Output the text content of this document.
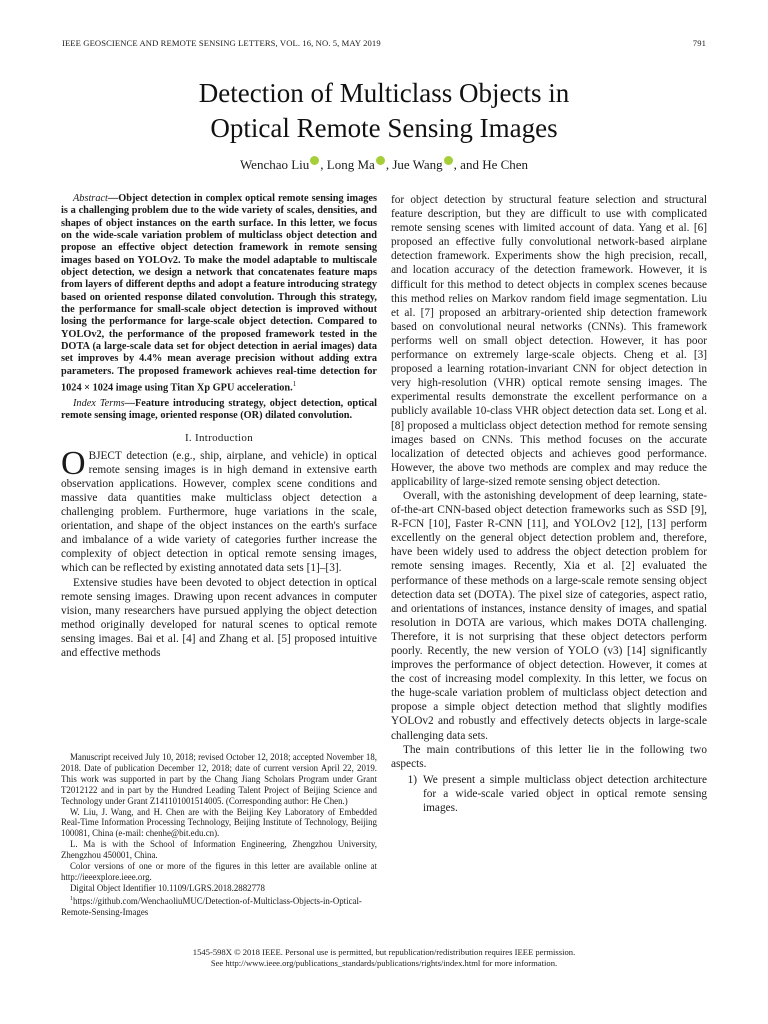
IEEE GEOSCIENCE AND REMOTE SENSING LETTERS, VOL. 16, NO. 5, MAY 2019	791
Detection of Multiclass Objects in
Optical Remote Sensing Images
Wenchao Liu , Long Ma , Jue Wang , and He Chen

Abstract—Object detection in complex optical remote sensing images is a challenging problem due to the wide variety of scales, densities, and shapes of object instances on the earth surface. In this letter, we focus on the wide-scale variation problem of multiclass object detection and propose an effective object detection framework in remote sensing images based on YOLOv2. To make the model adaptable to multiscale object detection, we design a network that concatenates feature maps from layers of different depths and adopt a feature introducing strategy based on oriented response dilated convolution. Through this strategy, the performance for small-scale object detection is improved without losing the performance for large-scale object detection. Compared to YOLOv2, the performance of the proposed framework tested in the DOTA (a large-scale data set for object detection in aerial images) data set improves by 4.4% mean average precision without adding extra parameters. The proposed framework achieves real-time detection for 1024 × 1024 image using Titan Xp GPU acceleration.$^1$

Index Terms—Feature introducing strategy, object detection, optical remote sensing image, oriented response (OR) dilated convolution.

I. Introduction

OBJECT detection (e.g., ship, airplane, and vehicle) in optical remote sensing images is in high demand in extensive earth observation applications. However, complex scene conditions and massive data quantities make multiclass object detection a challenging problem. Furthermore, huge variations in the scale, orientation, and shape of the object instances on the earth's surface and imbalance of a wide variety of categories further increase the complexity of object detection in optical remote sensing images, which can be reflected by existing annotated data sets [1]–[3].

Extensive studies have been devoted to object detection in optical remote sensing images. Drawing upon recent advances in computer vision, many researchers have pursued applying the object detection method originally developed for natural scenes to optical remote sensing images. Bai et al. [4] and Zhang et al. [5] proposed intuitive and effective methods

Manuscript received July 10, 2018; revised October 12, 2018; accepted November 18, 2018. Date of publication December 12, 2018; date of current version April 22, 2019. This work was supported in part by the Chang Jiang Scholars Program under Grant T2012122 and in part by the Hundred Leading Talent Project of Beijing Science and Technology under Grant Z141101001514005. (Corresponding author: He Chen.)

W. Liu, J. Wang, and H. Chen are with the Beijing Key Laboratory of Embedded Real-Time Information Processing Technology, Beijing Institute of Technology, Beijing 100081, China (e-mail: chenhe@bit.edu.cn).

L. Ma is with the School of Information Engineering, Zhengzhou University, Zhengzhou 450001, China.

Color versions of one or more of the figures in this letter are available online at http://ieeexplore.ieee.org.

Digital Object Identifier 10.1109/LGRS.2018.2882778

$^1$https://github.com/WenchaoliuMUC/Detection-of-Multiclass-Objects-in-Optical-Remote-Sensing-Images

for object detection by structural feature selection and structural feature description, but they are difficult to use with complicated remote sensing scenes with limited account of data. Yang et al. [6] proposed an effective fully convolutional network-based airplane detection framework. Experiments show the high precision, recall, and location accuracy of the detection framework. However, it is difficult for this method to detect objects in complex scenes because this method relies on Markov random field image segmentation. Liu et al. [7] proposed an arbitrary-oriented ship detection framework based on convolutional neural networks (CNNs). This framework performs well on small object detection. However, it has poor performance on extremely large-scale objects. Cheng et al. [3] proposed a learning rotation-invariant CNN for object detection in very high-resolution (VHR) optical remote sensing images. The experimental results demonstrate the excellent performance on a publicly available 10-class VHR object detection data set. Long et al. [8] proposed a multiclass object detection method for remote sensing images based on CNNs. This method focuses on the accurate localization of detected objects and achieves good performance. However, the above two methods are complex and may reduce the applicability of large-sized remote sensing object detection.

Overall, with the astonishing development of deep learning, state-of-the-art CNN-based object detection frameworks such as SSD [9], R-FCN [10], Faster R-CNN [11], and YOLOv2 [12], [13] perform excellently on the general object detection problem and, therefore, have been widely used to address the object detection problem for remote sensing images. Recently, Xia et al. [2] evaluated the performance of these methods on a large-scale remote sensing object detection data set (DOTA). The pixel size of categories, aspect ratio, and orientations of instances, instance density of images, and spatial resolution in DOTA are various, which makes DOTA challenging. Therefore, it is not surprising that these object detectors perform poorly. Recently, the new version of YOLO (v3) [14] significantly improves the performance of object detection. However, it comes at the cost of increasing model complexity. In this letter, we focus on the huge-scale variation problem of multiclass object detection and propose a simple object detection method that slightly modifies YOLOv2 and robustly and effectively detects objects in large-scale challenging data sets.

The main contributions of this letter lie in the following two aspects.

1) We present a simple multiclass object detection architecture for a wide-scale varied object in optical remote sensing images.
1545-598X © 2018 IEEE. Personal use is permitted, but republication/redistribution requires IEEE permission.
See http://www.ieee.org/publications_standards/publications/rights/index.html for more information.
